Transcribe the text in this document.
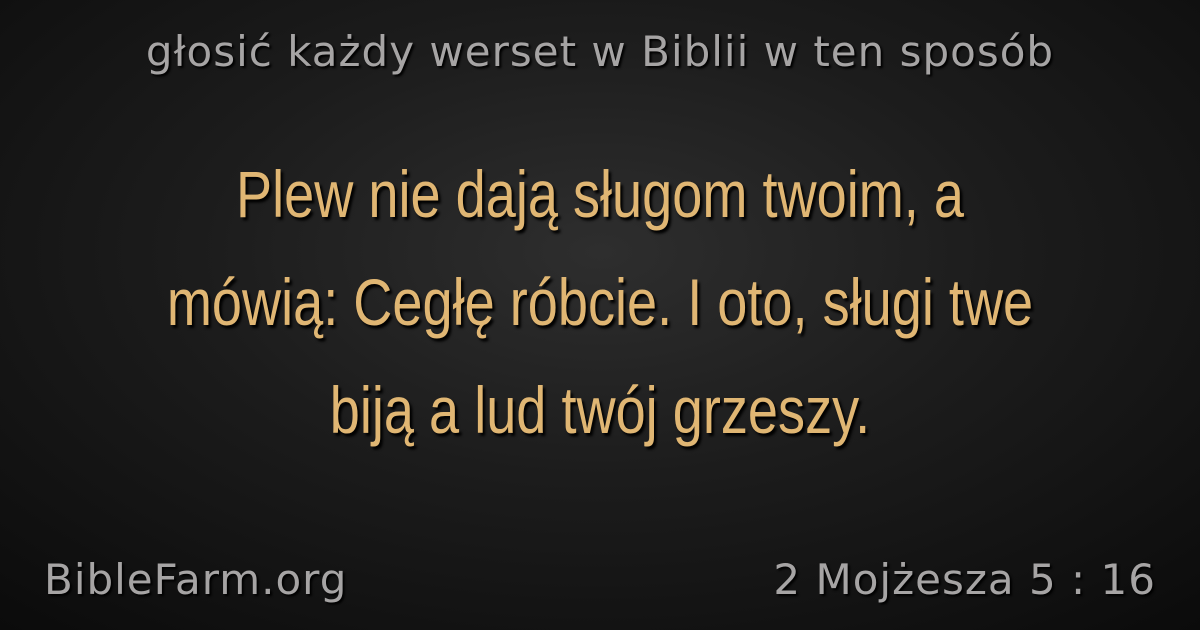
głosić każdy werset w Biblii w ten sposób
Plew nie dają sługom twoim, a mówią: Cegłę róbcie. I oto, sługi twe biją a lud twój grzeszy.
BibleFarm.org	2 Mojżesza 5 : 16
